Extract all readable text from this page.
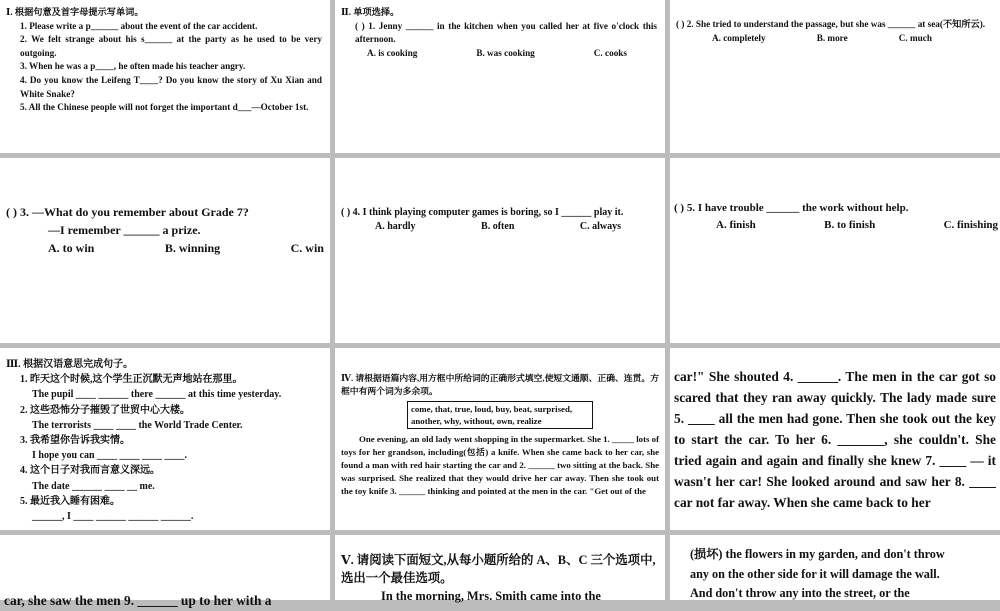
Ⅰ. 根据句意及首字母提示写单词。
1. Please write a p______ about the event of the car accident.
2. We felt strange about his s______ at the party as he used to be very outgoing.
3. When he was a p____, he often made his teacher angry.
4. Do you know the Leifeng T____? Do you know the story of Xu Xian and White Snake?
5. All the Chinese people will not forget the important d___—October 1st.
Ⅱ. 单项选择。
( ) 1. Jenny ______ in the kitchen when you called her at five o'clock this afternoon.
A. is cooking	B. was cooking	C. cooks
( ) 2. She tried to understand the passage, but she was ______ at sea(不知所云).
A. completely	B. more	C. much
( ) 3. —What do you remember about Grade 7?
—I remember ______ a prize.
A. to win	B. winning	C. win
( ) 4. I think playing computer games is boring, so I ______ play it.
A. hardly	B. often	C. always
( ) 5. I have trouble ______ the work without help.
A. finish	B. to finish	C. finishing
Ⅲ. 根据汉语意思完成句子。
1. 昨天这个时候,这个学生正沉默无声地站在那里。
The pupil ____ ______ there ______ at this time yesterday.
2. 这些恐怖分子摧毁了世贸中心大楼。
The terrorists ____ ____ the World Trade Center.
3. 我希望你告诉我实情。
I hope you can ____ ____ ____ ____.
4. 这个日子对我而言意义深远。
The date ______ ____ __ me.
5. 最近我入睡有困难。
______, I ____ ______ ______ ______.
Ⅳ. 请根据语篇内容,用方框中所给词的正确形式填空,使短文通顺、正确、连贯。方框中有两个词为多余项。
come, that, true, loud, buy, beat, surprised,
another, why, without, own, realize
One evening, an old lady went shopping in the supermarket. She 1. _____ lots of toys for her grandson, including(包括) a knife. When she came back to her car, she found a man with red hair starting the car and 2. ______ two sitting at the back. She was surprised. She realized that they would drive her car away. Then she took out the toy knife 3. ______ thinking and pointed at the men in the car. "Get out of the
car!" She shouted 4. ______. The men in the car got so scared that they ran away quickly. The lady made sure 5. ____ all the men had gone. Then she took out the key to start the car. To her 6. _______, she couldn't. She tried again and again and finally she knew 7. ____ — it wasn't her car! She looked around and saw her 8. ____ car not far away. When she came back to her
car, she saw the men 9. ______ up to her with a
Ⅴ. 请阅读下面短文,从每小题所给的 A、B、C 三个选项中,选出一个最佳选项。
In the morning, Mrs. Smith came into the
(损坏) the flowers in my garden, and don't throw
any on the other side for it will damage the wall.
And don't throw any into the street, or the
